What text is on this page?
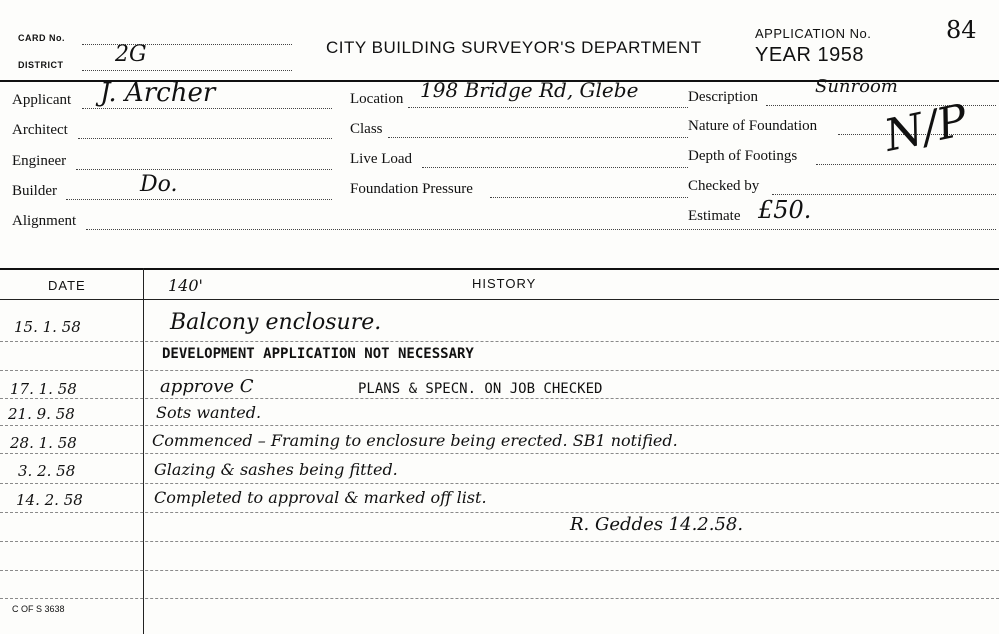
CARD No.
DISTRICT 2G	CITY BUILDING SURVEYOR'S DEPARTMENT
APPLICATION No.	84
YEAR 1958
Applicant J. Archer
Architect
Engineer
Builder	Do.
Alignment
Location 198 Bridge Rd, Glebe
Class
Live Load
Foundation Pressure
Description	Sunroom
Nature of Foundation
Depth of Footings
Checked by
Estimate £50.
N/P
DATE	HISTORY
140'
15. 1. 58	Balcony enclosure.
DEVELOPMENT APPLICATION NOT NECESSARY
17. 1. 58	approve C	PLANS & SPECN. ON JOB CHECKED
21. 9. 58	Sots wanted.
28. 1. 58	Commenced – Framing to enclosure being erected. SB1 notified.
3. 2. 58	Glazing & sashes being fitted.
14. 2. 58	Completed to approval & marked off list.
R. Geddes 14.2.58.
C OF S 3638
